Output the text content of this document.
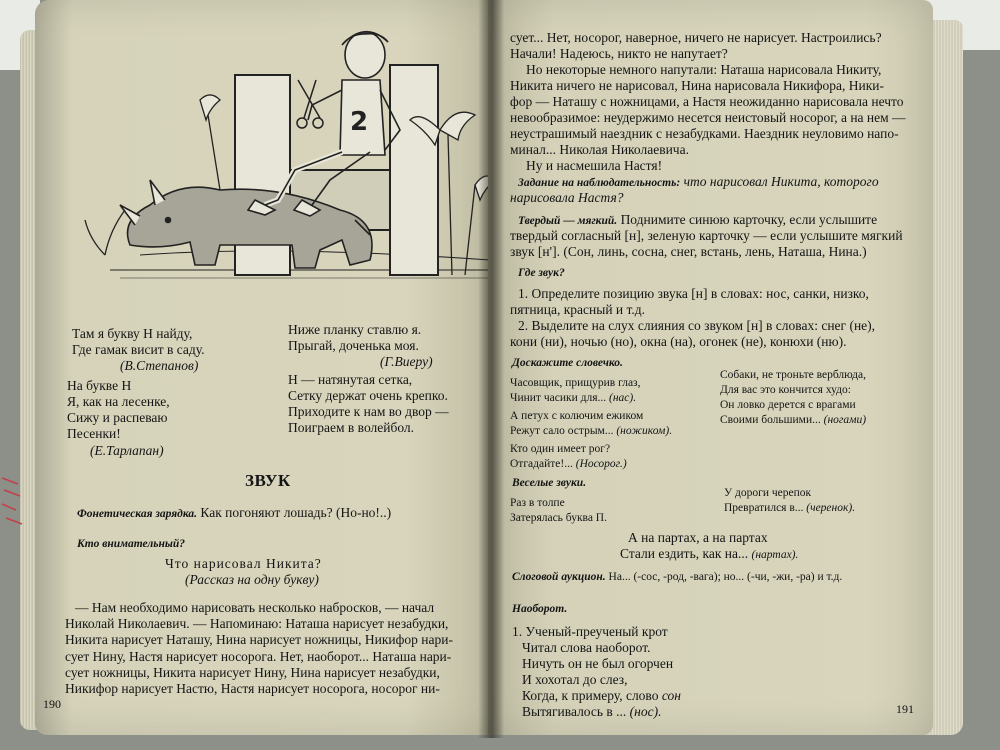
2
Там я букву Н найду,
Где гамак висит в саду.
(В.Степанов)
Ниже планку ставлю я.
Прыгай, доченька моя.
(Г.Виеру)
На букве Н
Я, как на лесенке,
Сижу и распеваю
Песенки!
(Е.Тарлапан)
Н — натянутая сетка,
Сетку держат очень крепко.
Приходите к нам во двор —
Поиграем в волейбол.
ЗВУК
Фонетическая зарядка. Как погоняют лошадь? (Но-но!..)
Кто внимательный?
Что нарисовал Никита?
(Рассказ на одну букву)
— Нам необходимо нарисовать несколько набросков, — начал
Николай Николаевич. — Напоминаю: Наташа нарисует незабудки,
Никита нарисует Наташу, Нина нарисует ножницы, Никифор нари-
сует Нину, Настя нарисует носорога. Нет, наоборот... Наташа нари-
сует ножницы, Никита нарисует Нину, Нина нарисует незабудки,
Никифор нарисует Настю, Настя нарисует носорога, носорог ни-
190
сует... Нет, носорог, наверное, ничего не нарисует. Настроились?
Начали! Надеюсь, никто не напутает?
Но некоторые немного напутали: Наташа нарисовала Никиту,
Никита ничего не нарисовал, Нина нарисовала Никифора, Ники-
фор — Наташу с ножницами, а Настя неожиданно нарисовала нечто
невообразимое: неудержимо несется неистовый носорог, а на нем —
неустрашимый наездник с незабудками. Наездник неуловимо напо-
минал... Николая Николаевича.
Ну и насмешила Настя!
Задание на наблюдательность: что нарисовал Никита, которого
нарисовала Настя?
Твердый — мягкий. Поднимите синюю карточку, если услышите
твердый согласный [н], зеленую карточку — если услышите мягкий
звук [н']. (Сон, линь, сосна, снег, встань, лень, Наташа, Нина.)
Где звук?
1. Определите позицию звука [н] в словах: нос, санки, низко,
пятница, красный и т.д.
2. Выделите на слух слияния со звуком [н] в словах: снег (не),
кони (ни), ночью (но), окна (на), огонек (не), конюхи (ню).
Доскажите словечко.
Часовщик, прищурив глаз,
Чинит часики для... (нас).
А петух с колючим ежиком
Режут сало острым... (ножиком).
Кто один имеет рог?
Отгадайте!... (Носорог.)
Собаки, не троньте верблюда,
Для вас это кончится худо:
Он ловко дерется с врагами
Своими большими... (ногами)
Веселые звуки.
Раз в толпе
Затерялась буква П.
У дороги черепок
Превратился в... (черенок).
А на партах, а на партах
Стали ездить, как на... (нартах).
Слоговой аукцион. На... (-сос, -род, -вага); но... (-чи, -жи, -ра) и т.д.
Наоборот.
1. Ученый-преученый крот
Читал слова наоборот.
Ничуть он не был огорчен
И хохотал до слез,
Когда, к примеру, слово сон
Вытягивалось в ... (нос).	191
